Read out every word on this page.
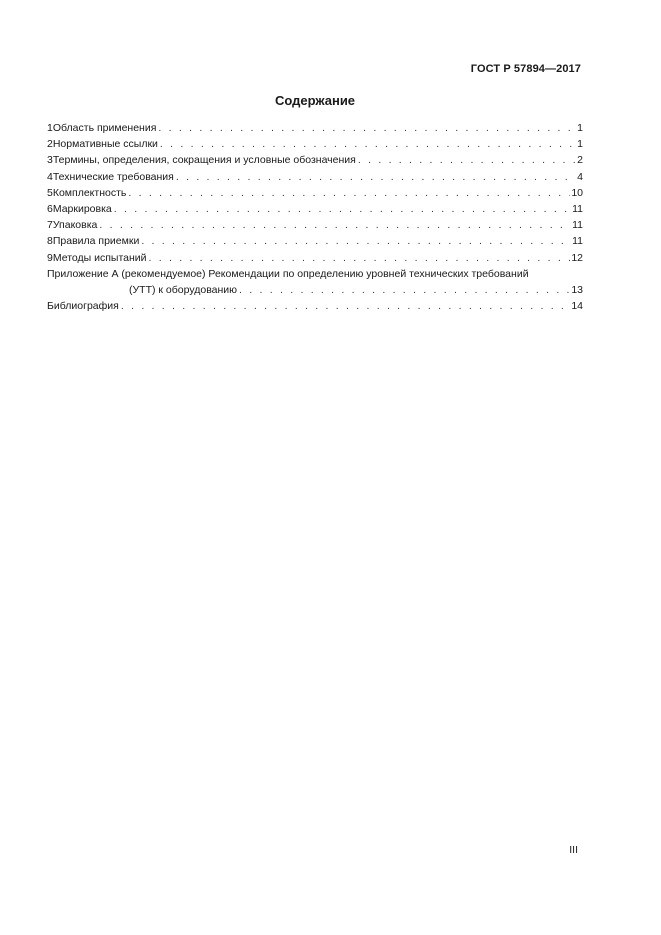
ГОСТ Р 57894—2017
Содержание
1 Область применения . . .	1
2 Нормативные ссылки . . .	1
3 Термины, определения, сокращения и условные обозначения . . .	2
4 Технические требования . . .	4
5 Комплектность . . .	10
6 Маркировка . . .	11
7 Упаковка . . .	11
8 Правила приемки . . .	11
9 Методы испытаний . . .	12
Приложение А (рекомендуемое) Рекомендации по определению уровней технических требований
(УТТ) к оборудованию . . .	13
Библиография . . .	14
III
